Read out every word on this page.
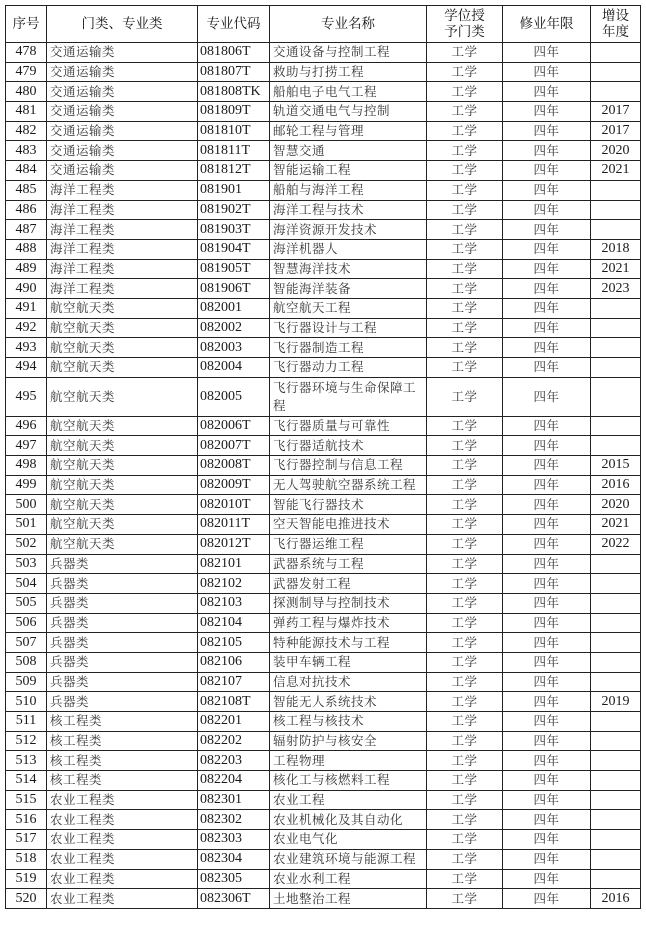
序号	门类、专业类	专业代码	专业名称	学位授予门类	修业年限	增设年度
478	交通运输类	081806T	交通设备与控制工程	工学	四年	
479	交通运输类	081807T	救助与打捞工程	工学	四年	
480	交通运输类	081808TK	船舶电子电气工程	工学	四年	
481	交通运输类	081809T	轨道交通电气与控制	工学	四年	2017
482	交通运输类	081810T	邮轮工程与管理	工学	四年	2017
483	交通运输类	081811T	智慧交通	工学	四年	2020
484	交通运输类	081812T	智能运输工程	工学	四年	2021
485	海洋工程类	081901	船舶与海洋工程	工学	四年	
486	海洋工程类	081902T	海洋工程与技术	工学	四年	
487	海洋工程类	081903T	海洋资源开发技术	工学	四年	
488	海洋工程类	081904T	海洋机器人	工学	四年	2018
489	海洋工程类	081905T	智慧海洋技术	工学	四年	2021
490	海洋工程类	081906T	智能海洋装备	工学	四年	2023
491	航空航天类	082001	航空航天工程	工学	四年	
492	航空航天类	082002	飞行器设计与工程	工学	四年	
493	航空航天类	082003	飞行器制造工程	工学	四年	
494	航空航天类	082004	飞行器动力工程	工学	四年	
495	航空航天类	082005	飞行器环境与生命保障工程	工学	四年	
496	航空航天类	082006T	飞行器质量与可靠性	工学	四年	
497	航空航天类	082007T	飞行器适航技术	工学	四年	
498	航空航天类	082008T	飞行器控制与信息工程	工学	四年	2015
499	航空航天类	082009T	无人驾驶航空器系统工程	工学	四年	2016
500	航空航天类	082010T	智能飞行器技术	工学	四年	2020
501	航空航天类	082011T	空天智能电推进技术	工学	四年	2021
502	航空航天类	082012T	飞行器运维工程	工学	四年	2022
503	兵器类	082101	武器系统与工程	工学	四年	
504	兵器类	082102	武器发射工程	工学	四年	
505	兵器类	082103	探测制导与控制技术	工学	四年	
506	兵器类	082104	弹药工程与爆炸技术	工学	四年	
507	兵器类	082105	特种能源技术与工程	工学	四年	
508	兵器类	082106	装甲车辆工程	工学	四年	
509	兵器类	082107	信息对抗技术	工学	四年	
510	兵器类	082108T	智能无人系统技术	工学	四年	2019
511	核工程类	082201	核工程与核技术	工学	四年	
512	核工程类	082202	辐射防护与核安全	工学	四年	
513	核工程类	082203	工程物理	工学	四年	
514	核工程类	082204	核化工与核燃料工程	工学	四年	
515	农业工程类	082301	农业工程	工学	四年	
516	农业工程类	082302	农业机械化及其自动化	工学	四年	
517	农业工程类	082303	农业电气化	工学	四年	
518	农业工程类	082304	农业建筑环境与能源工程	工学	四年	
519	农业工程类	082305	农业水利工程	工学	四年	
520	农业工程类	082306T	土地整治工程	工学	四年	2016
